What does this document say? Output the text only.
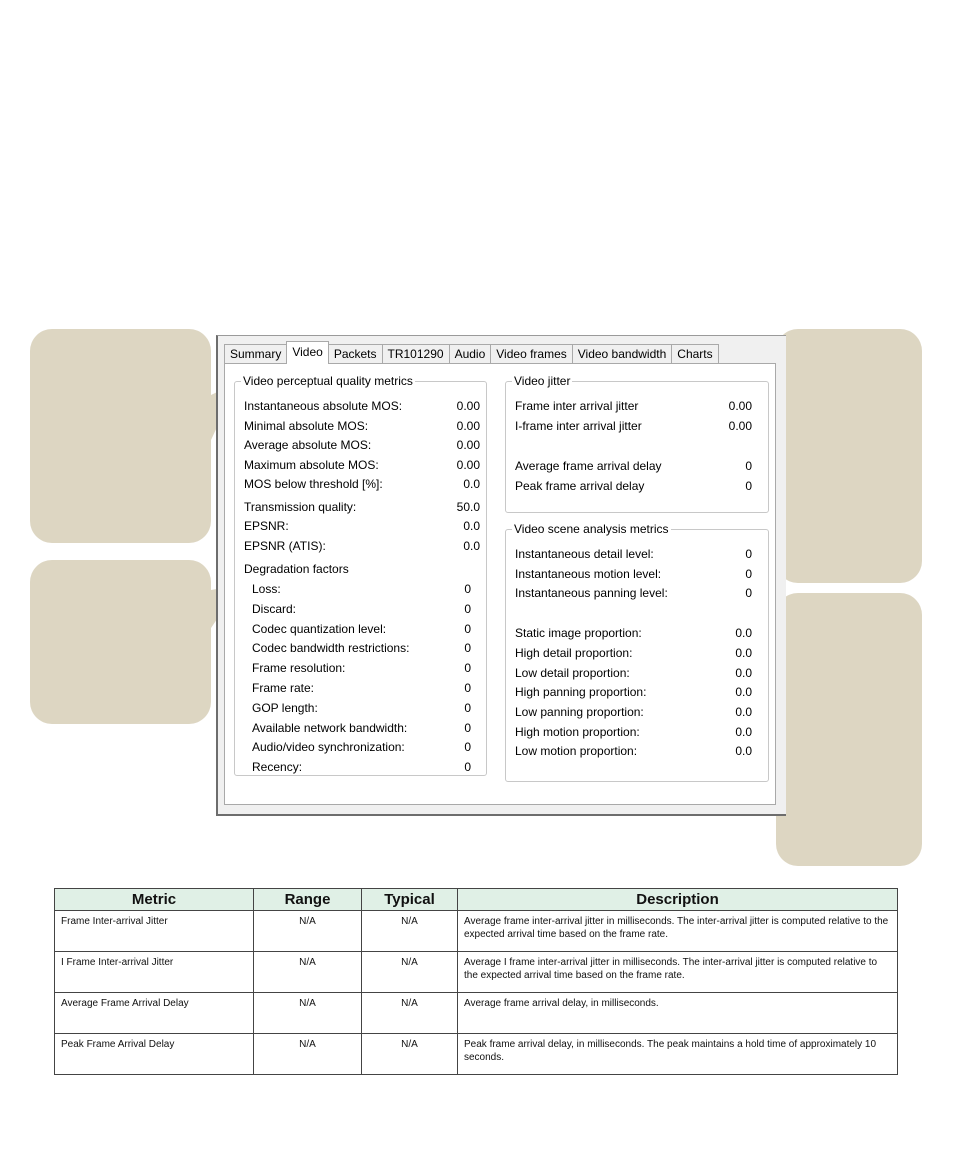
Summary Video Packets TR101290 Audio Video frames Video bandwidth Charts
Video perceptual quality metrics
Instantaneous absolute MOS:	0.00
Minimal absolute MOS:	0.00
Average absolute MOS:	0.00
Maximum absolute MOS:	0.00
MOS below threshold [%]:	0.0
Transmission quality:	50.0
EPSNR:	0.0
EPSNR (ATIS):	0.0
Degradation factors
Loss:	0
Discard:	0
Codec quantization level:	0
Codec bandwidth restrictions:	0
Frame resolution:	0
Frame rate:	0
GOP length:	0
Available network bandwidth:	0
Audio/video synchronization:	0
Recency:	0
Video jitter
Frame inter arrival jitter	0.00
I-frame inter arrival jitter	0.00
Average frame arrival delay	0
Peak frame arrival delay	0
Video scene analysis metrics
Instantaneous detail level:	0
Instantaneous motion level:	0
Instantaneous panning level:	0
Static image proportion:	0.0
High detail proportion:	0.0
Low detail proportion:	0.0
High panning proportion:	0.0
Low panning proportion:	0.0
High motion proportion:	0.0
Low motion proportion:	0.0
Metric	Range	Typical	Description
Frame Inter-arrival Jitter	N/A	N/A	Average frame inter-arrival jitter in milliseconds. The inter-arrival jitter is computed relative to the expected arrival time based on the frame rate.
I Frame Inter-arrival Jitter	N/A	N/A	Average I frame inter-arrival jitter in milliseconds. The inter-arrival jitter is computed relative to the expected arrival time based on the frame rate.
Average Frame Arrival Delay	N/A	N/A	Average frame arrival delay, in milliseconds.
Peak Frame Arrival Delay	N/A	N/A	Peak frame arrival delay, in milliseconds. The peak maintains a hold time of approximately 10 seconds.
